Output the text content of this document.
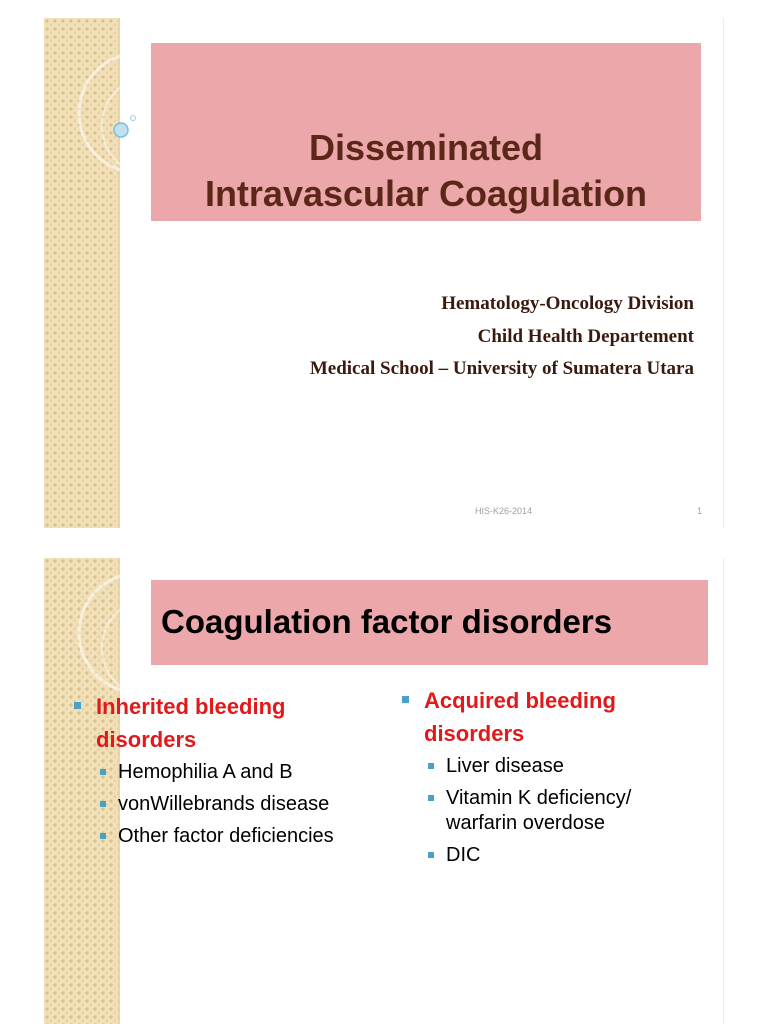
Disseminated
Intravascular Coagulation
Hematology-Oncology Division
Child Health Departement
Medical School – University of Sumatera Utara
HIS-K26-2014	1
Coagulation factor disorders
Inherited bleeding
disorders
Hemophilia A and B
vonWillebrands disease
Other factor deficiencies
Acquired bleeding
disorders
Liver disease
Vitamin K deficiency/
warfarin overdose
DIC
